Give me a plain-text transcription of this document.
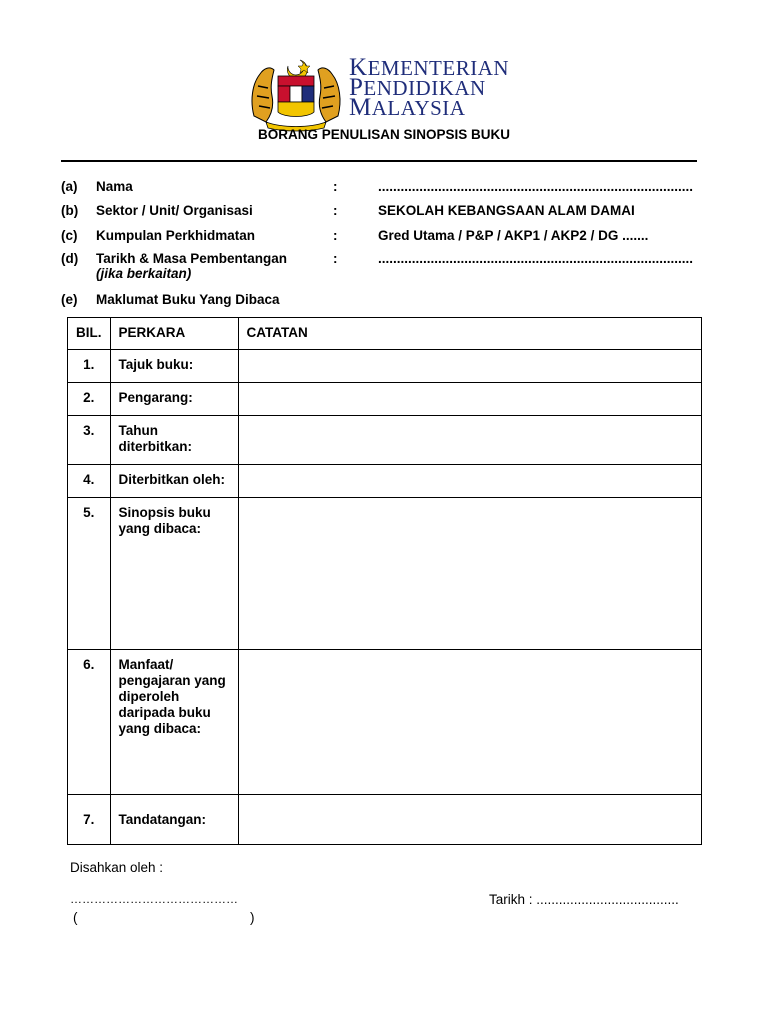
KEMENTERIAN
PENDIDIKAN
MALAYSIA
BORANG PENULISAN SINOPSIS BUKU
(a) Nama	:	....................................................................................
(b) Sektor / Unit/ Organisasi	:	SEKOLAH KEBANGSAAN ALAM DAMAI
(c) Kumpulan Perkhidmatan	:	Gred Utama / P&P / AKP1 / AKP2 / DG .......
(d) Tarikh & Masa Pembentangan
(jika berkaitan)
:	....................................................................................
(e) Maklumat Buku Yang Dibaca
BIL.	PERKARA	CATATAN
1.	Tajuk buku:	
2.	Pengarang:	
3.	Tahun diterbitkan:	
4.	Diterbitkan oleh:	
5.	Sinopsis buku yang dibaca:	
6.	Manfaat/ pengajaran yang diperoleh daripada buku yang dibaca:	
7.	Tandatangan:	
Disahkan oleh :
……………………………………
(                                              )
Tarikh : ......................................
